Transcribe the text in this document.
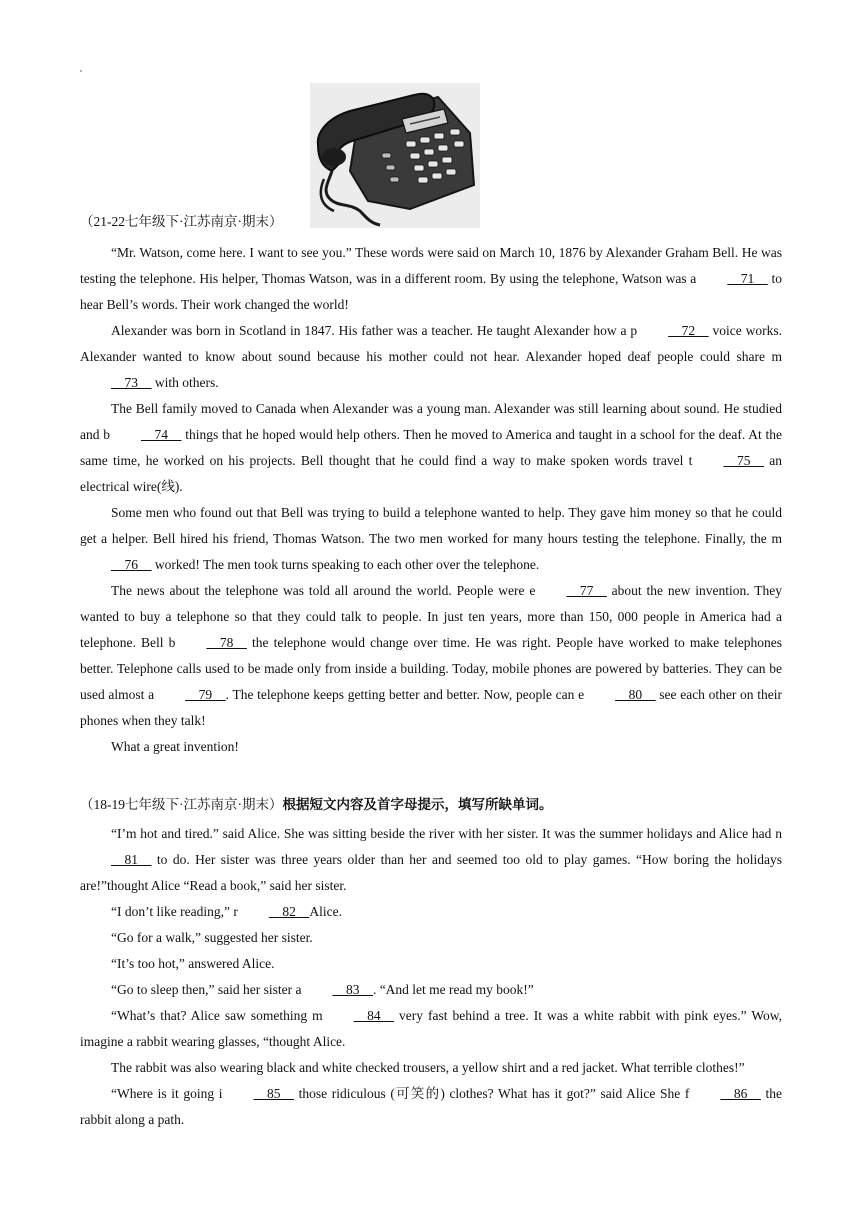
（21-22七年级下·江苏南京·期末）

“Mr. Watson, come here. I want to see you.” These words were said on March 10, 1876 by Alexander Graham Bell. He was testing the telephone. His helper, Thomas Watson, was in a different room. By using the telephone, Watson was a    71     to hear Bell’s words. Their work changed the world!

Alexander was born in Scotland in 1847. His father was a teacher. He taught Alexander how a p    72     voice works. Alexander wanted to know about sound because his mother could not hear. Alexander hoped deaf people could share m    73     with others.

The Bell family moved to Canada when Alexander was a young man. Alexander was still learning about sound. He studied and b    74     things that he hoped would help others. Then he moved to America and taught in a school for the deaf. At the same time, he worked on his projects. Bell thought that he could find a way to make spoken words travel t    75     an electrical wire(线).

Some men who found out that Bell was trying to build a telephone wanted to help. They gave him money so that he could get a helper. Bell hired his friend, Thomas Watson. The two men worked for many hours testing the telephone. Finally, the m    76     worked! The men took turns speaking to each other over the telephone.

The news about the telephone was told all around the world. People were e    77     about the new invention. They wanted to buy a telephone so that they could talk to people. In just ten years, more than 150, 000 people in America had a telephone. Bell b    78     the telephone would change over time. He was right. People have worked to make telephones better. Telephone calls used to be made only from inside a building. Today, mobile phones are powered by batteries. They can be used almost a    79    . The telephone keeps getting better and better. Now, people can e    80     see each other on their phones when they talk!

What a great invention!

（18-19七年级下·江苏南京·期末）根据短文内容及首字母提示，填写所缺单词。

“I’m hot and tired.” said Alice. She was sitting beside the river with her sister. It was the summer holidays and Alice had n    81     to do. Her sister was three years older than her and seemed too old to play games. “How boring the holidays are!”thought Alice “Read a book,” said her sister.

“I don’t like reading,” r    82    Alice.

“Go for a walk,” suggested her sister.

“It’s too hot,” answered Alice.

“Go to sleep then,” said her sister a    83    . “And let me read my book!”

“What’s that? Alice saw something m    84     very fast behind a tree. It was a white rabbit with pink eyes.” Wow, imagine a rabbit wearing glasses, “thought Alice.

The rabbit was also wearing black and white checked trousers, a yellow shirt and a red jacket. What terrible clothes!”

“Where is it going i    85     those ridiculous (可笑的) clothes? What has it got?” said Alice She f    86     the rabbit along a path.
